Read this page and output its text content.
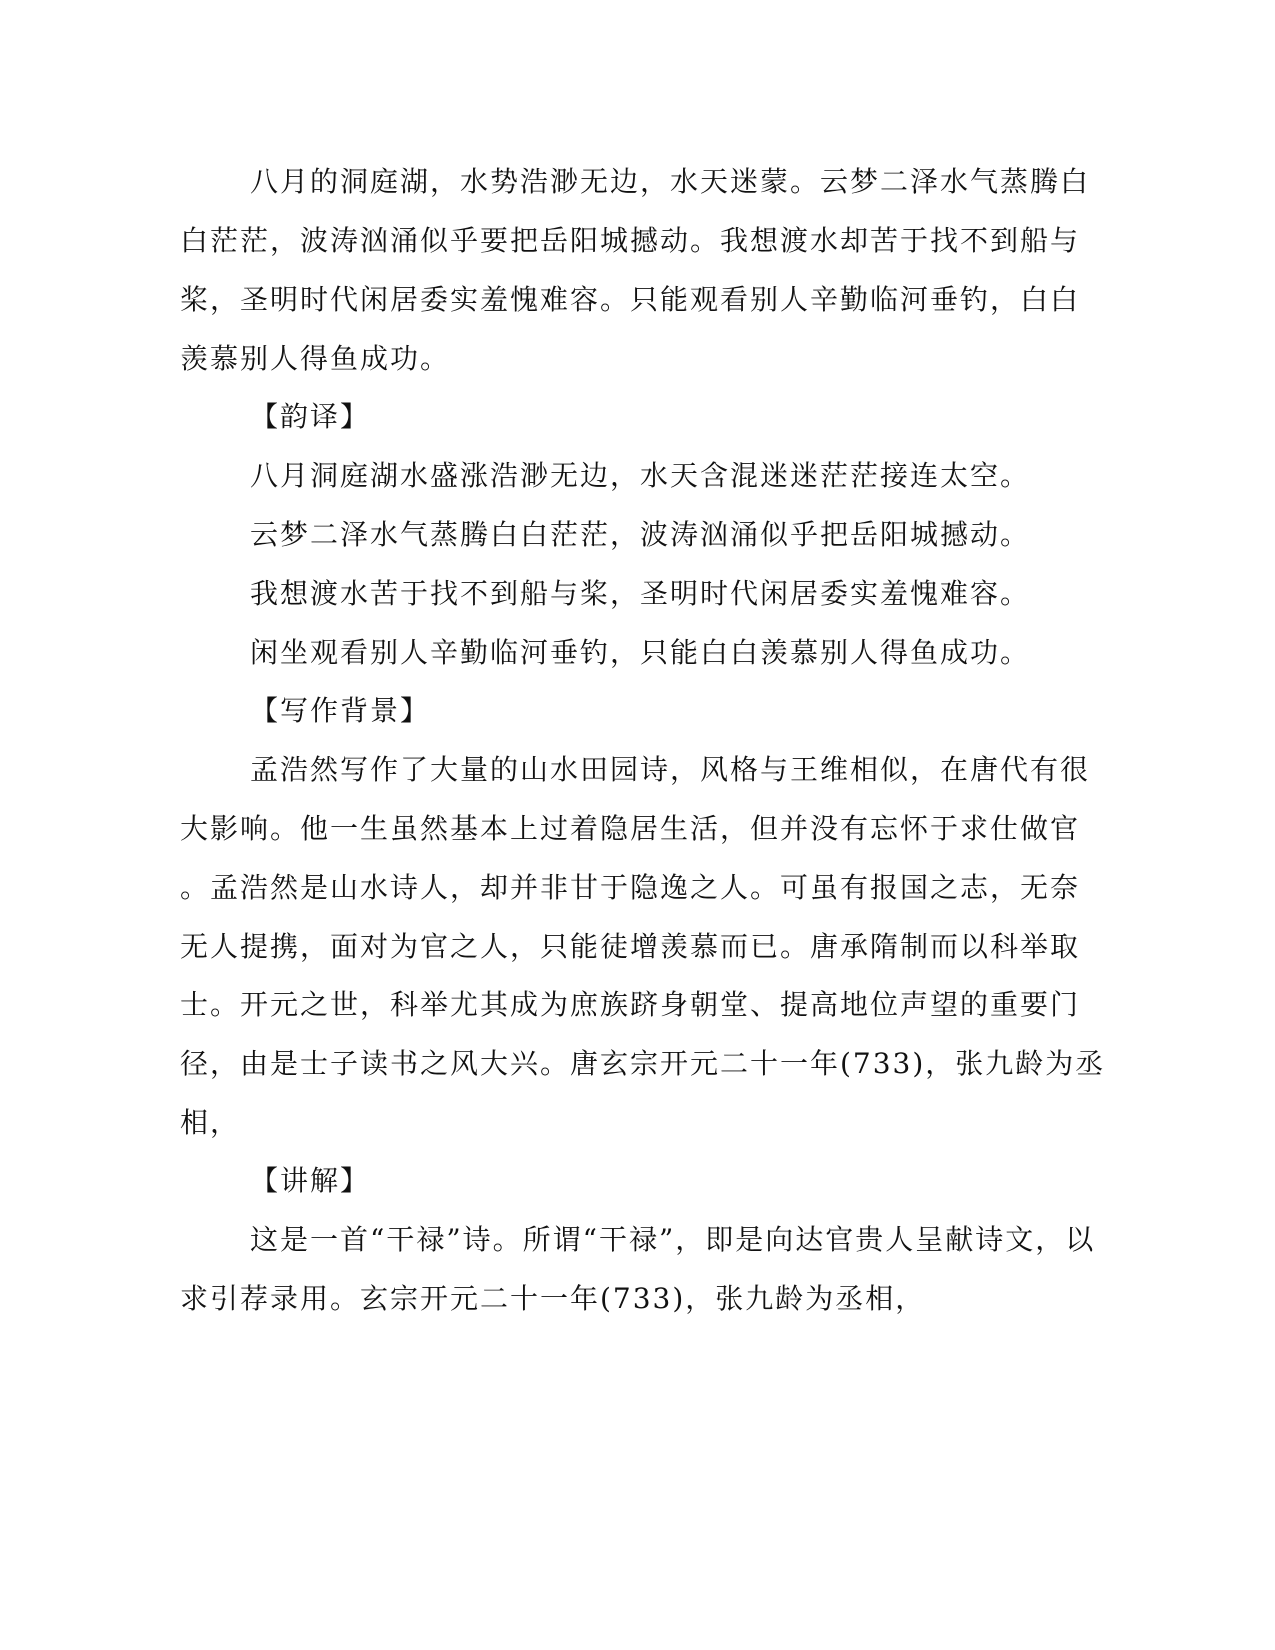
八月的洞庭湖，水势浩渺无边，水天迷蒙。云梦二泽水气蒸腾白
白茫茫，波涛汹涌似乎要把岳阳城撼动。我想渡水却苦于找不到船与
桨，圣明时代闲居委实羞愧难容。只能观看别人辛勤临河垂钓，白白
羡慕别人得鱼成功。
【韵译】
八月洞庭湖水盛涨浩渺无边，水天含混迷迷茫茫接连太空。
云梦二泽水气蒸腾白白茫茫，波涛汹涌似乎把岳阳城撼动。
我想渡水苦于找不到船与桨，圣明时代闲居委实羞愧难容。
闲坐观看别人辛勤临河垂钓，只能白白羡慕别人得鱼成功。
【写作背景】
孟浩然写作了大量的山水田园诗，风格与王维相似，在唐代有很
大影响。他一生虽然基本上过着隐居生活，但并没有忘怀于求仕做官
。孟浩然是山水诗人，却并非甘于隐逸之人。可虽有报国之志，无奈
无人提携，面对为官之人，只能徒增羡慕而已。唐承隋制而以科举取
士。开元之世，科举尤其成为庶族跻身朝堂、提高地位声望的重要门
径，由是士子读书之风大兴。唐玄宗开元二十一年(733)，张九龄为丞
相，
【讲解】
这是一首“干禄”诗。所谓“干禄”，即是向达官贵人呈献诗文，以
求引荐录用。玄宗开元二十一年(733)，张九龄为丞相，
